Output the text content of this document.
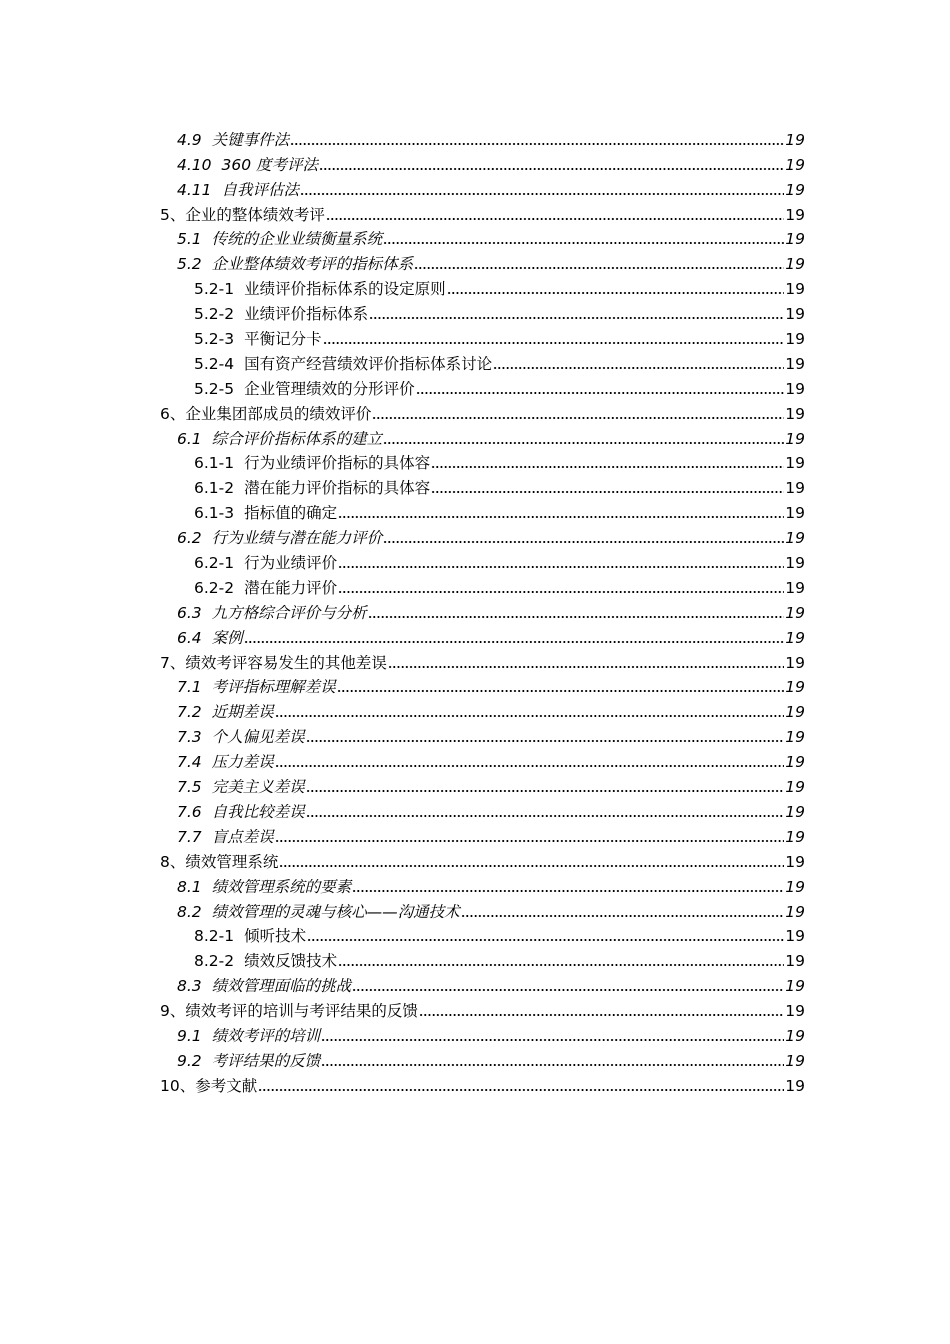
4.9 关键事件法	19
4.10 360 度考评法	19
4.11 自我评估法	19
5、 企业的整体绩效考评	19
5.1 传统的企业业绩衡量系统	19
5.2 企业整体绩效考评的指标体系	19
5.2-1 业绩评价指标体系的设定原则	19
5.2-2 业绩评价指标体系	19
5.2-3 平衡记分卡	19
5.2-4 国有资产经营绩效评价指标体系讨论	19
5.2-5 企业管理绩效的分形评价	19
6、 企业集团部成员的绩效评价	19
6.1 综合评价指标体系的建立	19
6.1-1 行为业绩评价指标的具体容	19
6.1-2 潜在能力评价指标的具体容	19
6.1-3 指标值的确定	19
6.2 行为业绩与潜在能力评价	19
6.2-1 行为业绩评价	19
6.2-2 潜在能力评价	19
6.3 九方格综合评价与分析	19
6.4 案例	19
7、 绩效考评容易发生的其他差误	19
7.1 考评指标理解差误	19
7.2 近期差误	19
7.3 个人偏见差误	19
7.4 压力差误	19
7.5 完美主义差误	19
7.6 自我比较差误	19
7.7 盲点差误	19
8、 绩效管理系统	19
8.1 绩效管理系统的要素	19
8.2 绩效管理的灵魂与核心——沟通技术	19
8.2-1 倾听技术	19
8.2-2 绩效反馈技术	19
8.3 绩效管理面临的挑战	19
9、 绩效考评的培训与考评结果的反馈	19
9.1 绩效考评的培训	19
9.2 考评结果的反馈	19
10、 参考文献	19
